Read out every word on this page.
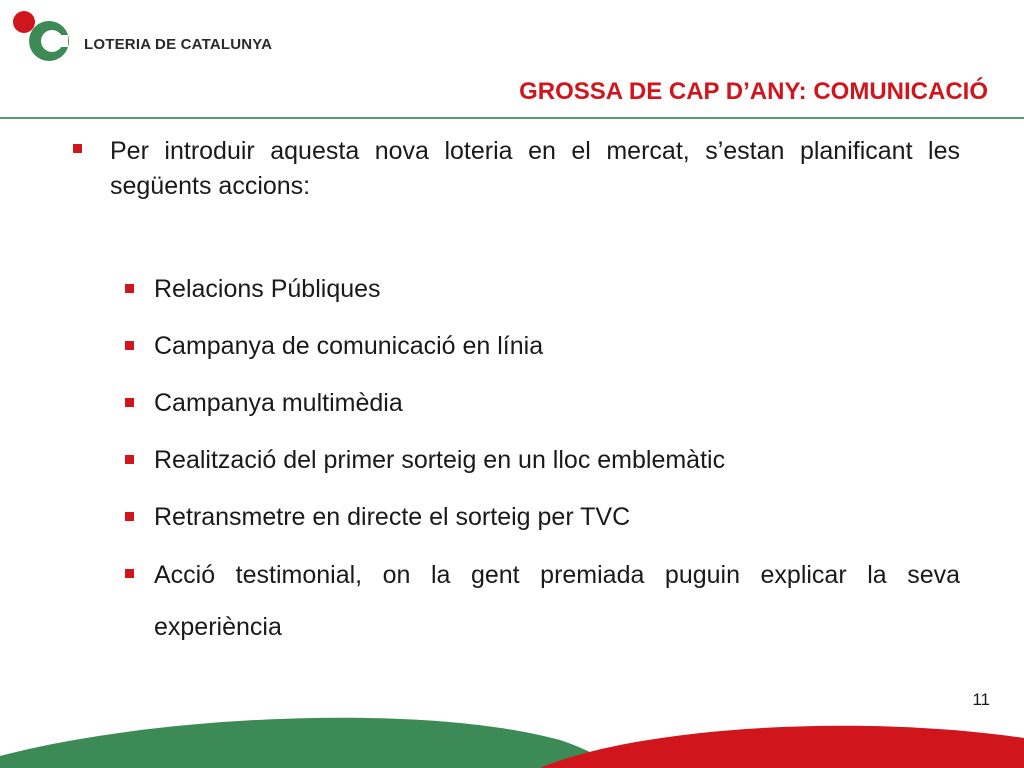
LOTERIA DE CATALUNYA
GROSSA DE CAP D’ANY: COMUNICACIÓ
Per introduir aquesta nova loteria en el mercat, s’estan planificant les següents accions:
Relacions Públiques
Campanya de comunicació en línia
Campanya multimèdia
Realització del primer sorteig en un lloc emblemàtic
Retransmetre en directe el sorteig per TVC
Acció testimonial, on la gent premiada puguin explicar la seva experiència
11
